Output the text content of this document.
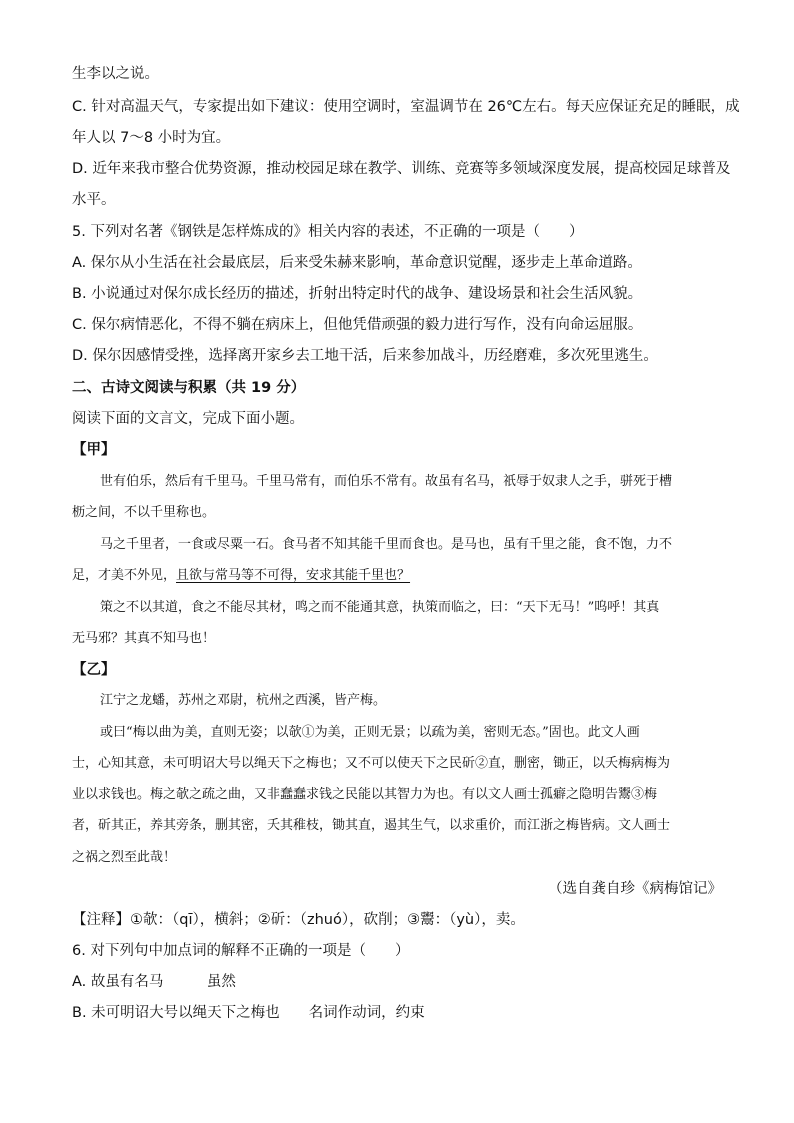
生李以之说。
C. 针对高温天气，专家提出如下建议：使用空调时，室温调节在 26℃左右。每天应保证充足的睡眠，成
年人以 7～8 小时为宜。
D. 近年来我市整合优势资源，推动校园足球在教学、训练、竞赛等多领域深度发展，提高校园足球普及
水平。
5. 下列对名著《钢铁是怎样炼成的》相关内容的表述，不正确的一项是（　　）
A. 保尔从小生活在社会最底层，后来受朱赫来影响，革命意识觉醒，逐步走上革命道路。
B. 小说通过对保尔成长经历的描述，折射出特定时代的战争、建设场景和社会生活风貌。
C. 保尔病情恶化，不得不躺在病床上，但他凭借顽强的毅力进行写作，没有向命运屈服。
D. 保尔因感情受挫，选择离开家乡去工地干活，后来参加战斗，历经磨难，多次死里逃生。
二、古诗文阅读与积累（共 19 分）
阅读下面的文言文，完成下面小题。
【甲】
世有伯乐，然后有千里马。千里马常有，而伯乐不常有。故虽有名马，祇辱于奴隶人之手，骈死于槽
枥之间，不以千里称也。
马之千里者，一食或尽粟一石。食马者不知其能千里而食也。是马也，虽有千里之能，食不饱，力不
足，才美不外见，且欲与常马等不可得，安求其能千里也？
策之不以其道，食之不能尽其材，鸣之而不能通其意，执策而临之，曰：“天下无马！”呜呼！其真
无马邪？其真不知马也！
【乙】
江宁之龙蟠，苏州之邓尉，杭州之西溪，皆产梅。
或曰“梅以曲为美，直则无姿；以欹①为美，正则无景；以疏为美，密则无态。”固也。此文人画
士，心知其意，未可明诏大号以绳天下之梅也；又不可以使天下之民斫②直，删密，锄正，以夭梅病梅为
业以求钱也。梅之欹之疏之曲，又非蠢蠢求钱之民能以其智力为也。有以文人画士孤癖之隐明告鬻③梅
者，斫其正，养其旁条，删其密，夭其稚枝，锄其直，遏其生气，以求重价，而江浙之梅皆病。文人画士
之祸之烈至此哉！
（选自龚自珍《病梅馆记》
【注释】①欹：（qī），横斜；②斫：（zhuó），砍削；③鬻：（yù），卖。
6. 对下列句中加点词的解释不正确的一项是（　　）
A. 故虽有名马　　　虽然
B. 未可明诏大号以绳天下之梅也　　名词作动词，约束
